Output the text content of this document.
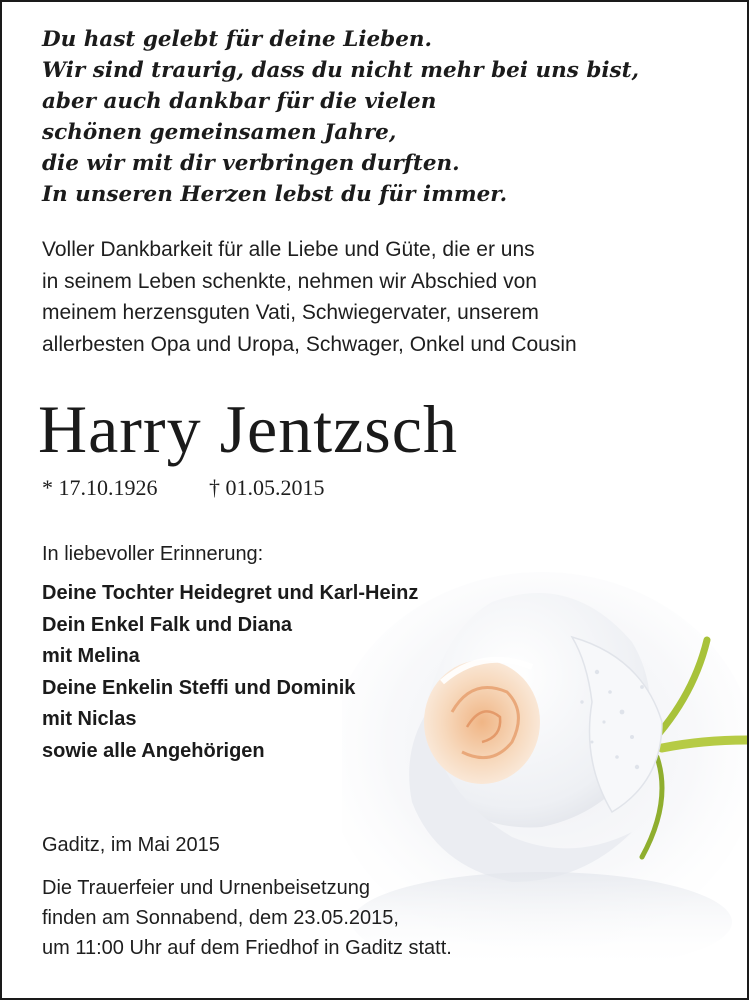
Du hast gelebt für deine Lieben.
Wir sind traurig, dass du nicht mehr bei uns bist,
aber auch dankbar für die vielen
schönen gemeinsamen Jahre,
die wir mit dir verbringen durften.
In unseren Herzen lebst du für immer.
Voller Dankbarkeit für alle Liebe und Güte, die er uns
in seinem Leben schenkte, nehmen wir Abschied von
meinem herzensguten Vati, Schwiegervater, unserem
allerbesten Opa und Uropa, Schwager, Onkel und Cousin
Harry Jentzsch
* 17.10.1926 † 01.05.2015
In liebevoller Erinnerung:
Deine Tochter Heidegret und Karl-Heinz
Dein Enkel Falk und Diana
mit Melina
Deine Enkelin Steffi und Dominik
mit Niclas
sowie alle Angehörigen
Gaditz, im Mai 2015
Die Trauerfeier und Urnenbeisetzung
finden am Sonnabend, dem 23.05.2015,
um 11:00 Uhr auf dem Friedhof in Gaditz statt.
